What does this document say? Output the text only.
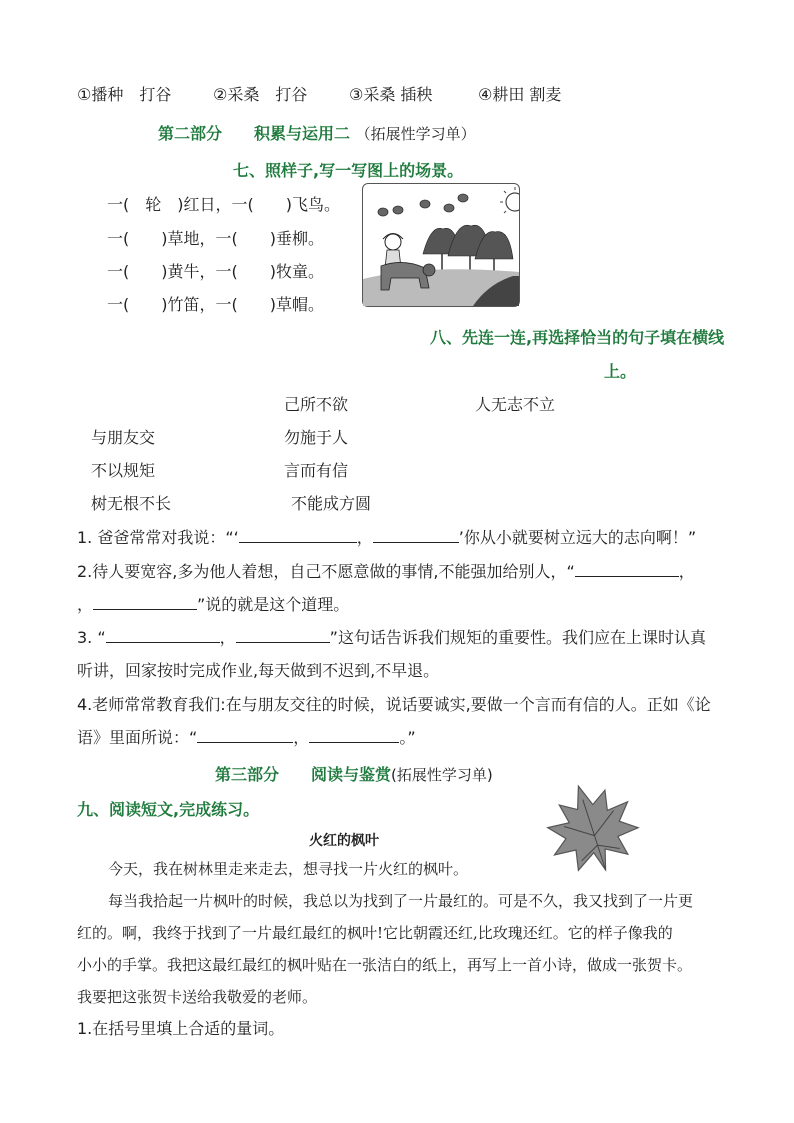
①播种　打谷	②采桑　打谷	③采桑 插秧	④耕田 割麦
第二部分　　积累与运用二 （拓展性学习单）
七、照样子,写一写图上的场景。
一(　轮　)红日，一(　　)飞鸟。
一(　　)草地，一(　　)垂柳。
一(　　)黄牛，一(　　)牧童。
一(　　)竹笛，一(　　)草帽。
八、先连一连,再选择恰当的句子填在横线
上。
己所不欲	人无志不立
与朋友交	勿施于人
不以规矩	言而有信
树无根不长	不能成方圆
1. 爸爸常常对我说：“‘	，	’你从小就要树立远大的志向啊！”
2.待人要宽容,多为他人着想，自己不愿意做的事情,不能强加给别人，“	，
，	”说的就是这个道理。
3. “	，	”这句话告诉我们规矩的重要性。我们应在上课时认真
听讲，回家按时完成作业,每天做到不迟到,不早退。
4.老师常常教育我们:在与朋友交往的时候，说话要诚实,要做一个言而有信的人。正如《论
语》里面所说：“	，	。”
第三部分　　阅读与鉴赏(拓展性学习单)
九、阅读短文,完成练习。
火红的枫叶
今天，我在树林里走来走去，想寻找一片火红的枫叶。
每当我拾起一片枫叶的时候，我总以为找到了一片最红的。可是不久，我又找到了一片更
红的。啊，我终于找到了一片最红最红的枫叶!它比朝霞还红,比玫瑰还红。它的样子像我的
小小的手掌。我把这最红最红的枫叶贴在一张洁白的纸上，再写上一首小诗，做成一张贺卡。
我要把这张贺卡送给我敬爱的老师。
1.在括号里填上合适的量词。
